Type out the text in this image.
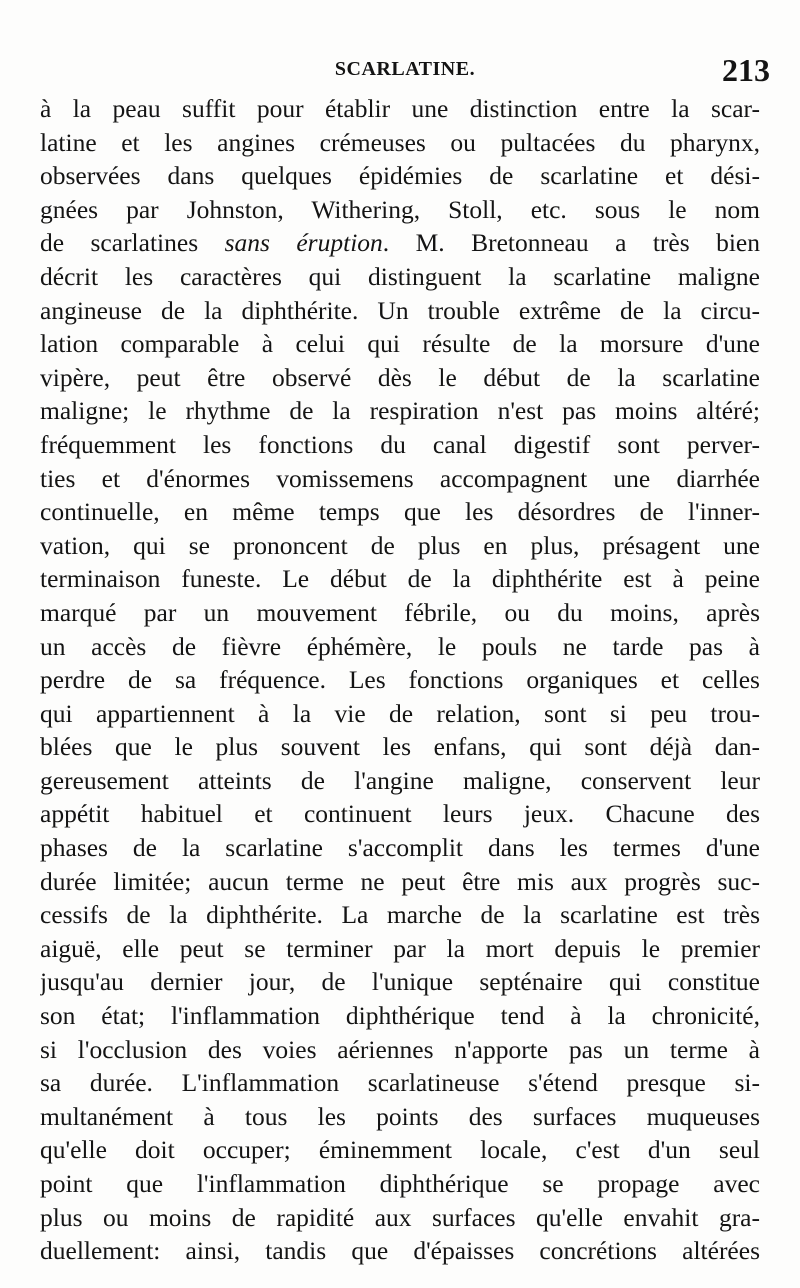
SCARLATINE.	213
à la peau suffit pour établir une distinction entre la scar-
latine et les angines crémeuses ou pultacées du pharynx,
observées dans quelques épidémies de scarlatine et dési-
gnées par Johnston, Withering, Stoll, etc. sous le nom
de scarlatines sans éruption. M. Bretonneau a très bien
décrit les caractères qui distinguent la scarlatine maligne
angineuse de la diphthérite. Un trouble extrême de la circu-
lation comparable à celui qui résulte de la morsure d'une
vipère, peut être observé dès le début de la scarlatine
maligne; le rhythme de la respiration n'est pas moins altéré;
fréquemment les fonctions du canal digestif sont perver-
ties et d'énormes vomissemens accompagnent une diarrhée
continuelle, en même temps que les désordres de l'inner-
vation, qui se prononcent de plus en plus, présagent une
terminaison funeste. Le début de la diphthérite est à peine
marqué par un mouvement fébrile, ou du moins, après
un accès de fièvre éphémère, le pouls ne tarde pas à
perdre de sa fréquence. Les fonctions organiques et celles
qui appartiennent à la vie de relation, sont si peu trou-
blées que le plus souvent les enfans, qui sont déjà dan-
gereusement atteints de l'angine maligne, conservent leur
appétit habituel et continuent leurs jeux. Chacune des
phases de la scarlatine s'accomplit dans les termes d'une
durée limitée; aucun terme ne peut être mis aux progrès suc-
cessifs de la diphthérite. La marche de la scarlatine est très
aiguë, elle peut se terminer par la mort depuis le premier
jusqu'au dernier jour, de l'unique septénaire qui constitue
son état; l'inflammation diphthérique tend à la chronicité,
si l'occlusion des voies aériennes n'apporte pas un terme à
sa durée. L'inflammation scarlatineuse s'étend presque si-
multanément à tous les points des surfaces muqueuses
qu'elle doit occuper; éminemment locale, c'est d'un seul
point que l'inflammation diphthérique se propage avec
plus ou moins de rapidité aux surfaces qu'elle envahit gra-
duellement: ainsi, tandis que d'épaisses concrétions altérées
